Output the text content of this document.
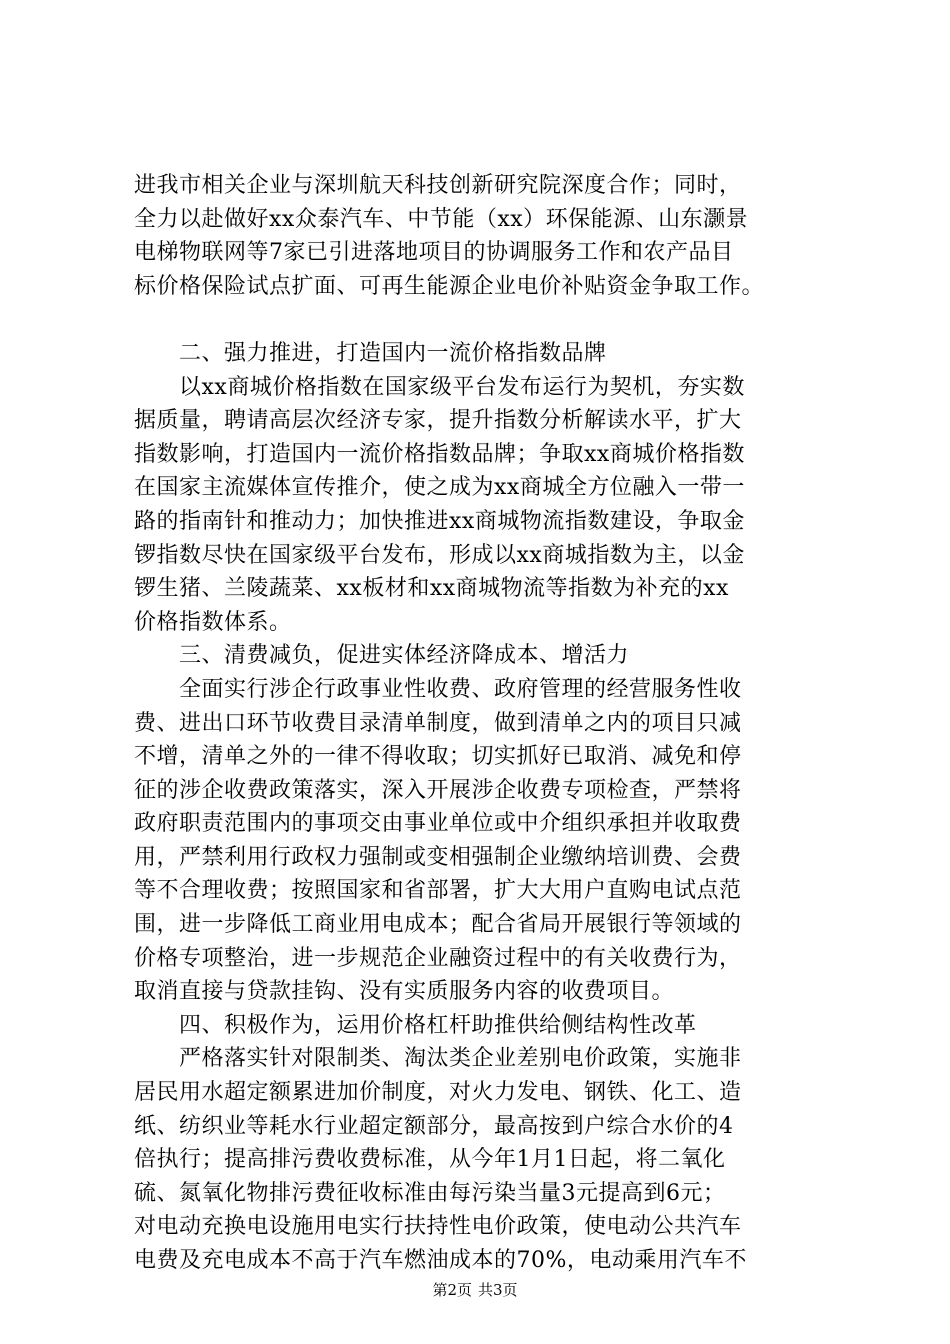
进我市相关企业与深圳航天科技创新研究院深度合作；同时，
全力以赴做好xx众泰汽车、中节能（xx）环保能源、山东灏景
电梯物联网等7家已引进落地项目的协调服务工作和农产品目
标价格保险试点扩面、可再生能源企业电价补贴资金争取工作。
　　二、强力推进，打造国内一流价格指数品牌
　　以xx商城价格指数在国家级平台发布运行为契机，夯实数
据质量，聘请高层次经济专家，提升指数分析解读水平，扩大
指数影响，打造国内一流价格指数品牌；争取xx商城价格指数
在国家主流媒体宣传推介，使之成为xx商城全方位融入一带一
路的指南针和推动力；加快推进xx商城物流指数建设，争取金
锣指数尽快在国家级平台发布，形成以xx商城指数为主，以金
锣生猪、兰陵蔬菜、xx板材和xx商城物流等指数为补充的xx
价格指数体系。
　　三、清费减负，促进实体经济降成本、增活力
　　全面实行涉企行政事业性收费、政府管理的经营服务性收
费、进出口环节收费目录清单制度，做到清单之内的项目只减
不增，清单之外的一律不得收取；切实抓好已取消、减免和停
征的涉企收费政策落实，深入开展涉企收费专项检查，严禁将
政府职责范围内的事项交由事业单位或中介组织承担并收取费
用，严禁利用行政权力强制或变相强制企业缴纳培训费、会费
等不合理收费；按照国家和省部署，扩大大用户直购电试点范
围，进一步降低工商业用电成本；配合省局开展银行等领域的
价格专项整治，进一步规范企业融资过程中的有关收费行为，
取消直接与贷款挂钩、没有实质服务内容的收费项目。
　　四、积极作为，运用价格杠杆助推供给侧结构性改革
　　严格落实针对限制类、淘汰类企业差别电价政策，实施非
居民用水超定额累进加价制度，对火力发电、钢铁、化工、造
纸、纺织业等耗水行业超定额部分，最高按到户综合水价的4
倍执行；提高排污费收费标准，从今年1月1日起，将二氧化
硫、氮氧化物排污费征收标准由每污染当量3元提高到6元；
对电动充换电设施用电实行扶持性电价政策，使电动公共汽车
电费及充电成本不高于汽车燃油成本的70%，电动乘用汽车不
第2页 共3页
